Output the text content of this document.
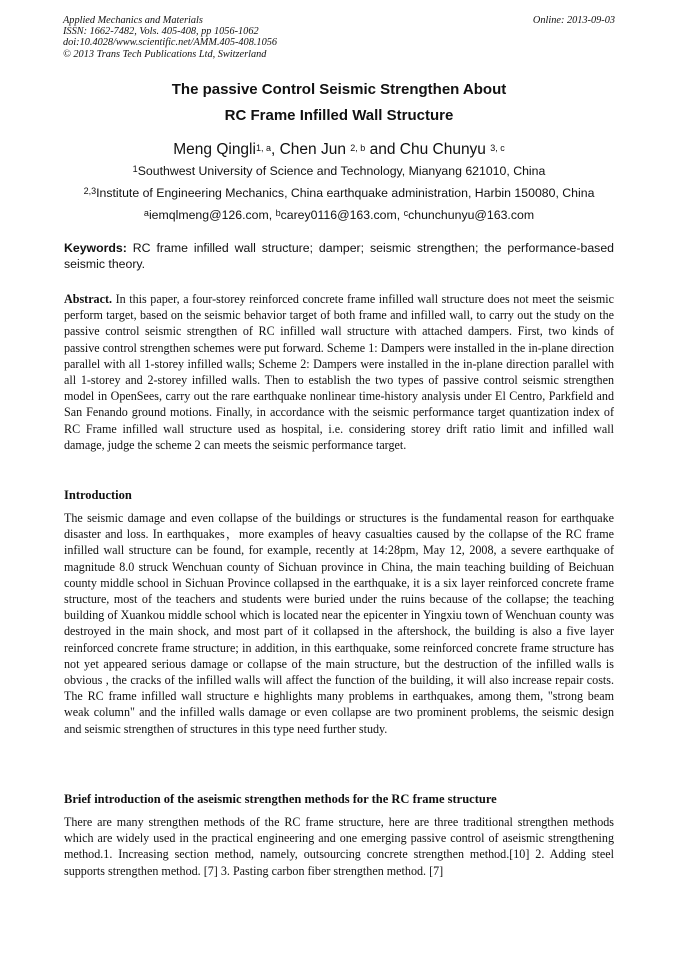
Applied Mechanics and Materials
ISSN: 1662-7482, Vols. 405-408, pp 1056-1062
doi:10.4028/www.scientific.net/AMM.405-408.1056
© 2013 Trans Tech Publications Ltd, Switzerland
Online: 2013-09-03
The passive Control Seismic Strengthen About
RC Frame Infilled Wall Structure
Meng Qingli$^{1, a}$, Chen Jun $^{2, b}$ and Chu Chunyu $^{3, c}$
$^1$Southwest University of Science and Technology, Mianyang 621010, China
$^{2,3}$Institute of Engineering Mechanics, China earthquake administration, Harbin 150080, China
$^a$iemqlmeng@126.com, $^b$carey0116@163.com, $^c$chunchunyu@163.com
Keywords: RC frame infilled wall structure; damper; seismic strengthen; the performance-based seismic theory.
Abstract. In this paper, a four-storey reinforced concrete frame infilled wall structure does not meet the seismic perform target, based on the seismic behavior target of both frame and infilled wall, to carry out the study on the passive control seismic strengthen of RC infilled wall structure with attached dampers. First, two kinds of passive control strengthen schemes were put forward. Scheme 1: Dampers were installed in the in-plane direction parallel with all 1-storey infilled walls; Scheme 2: Dampers were installed in the in-plane direction parallel with all 1-storey and 2-storey infilled walls. Then to establish the two types of passive control seismic strengthen model in OpenSees, carry out the rare earthquake nonlinear time-history analysis under El Centro, Parkfield and San Fenando ground motions. Finally, in accordance with the seismic performance target quantization index of RC Frame infilled wall structure used as hospital, i.e. considering storey drift ratio limit and infilled wall damage, judge the scheme 2 can meets the seismic performance target.
Introduction
The seismic damage and even collapse of the buildings or structures is the fundamental reason for earthquake disaster and loss. In earthquakes，more examples of heavy casualties caused by the collapse of the RC frame infilled wall structure can be found, for example, recently at 14:28pm, May 12, 2008, a severe earthquake of magnitude 8.0 struck Wenchuan county of Sichuan province in China, the main teaching building of Beichuan county middle school in Sichuan Province collapsed in the earthquake, it is a six layer reinforced concrete frame structure, most of the teachers and students were buried under the ruins because of the collapse; the teaching building of Xuankou middle school which is located near the epicenter in Yingxiu town of Wenchuan county was destroyed in the main shock, and most part of it collapsed in the aftershock, the building is also a five layer reinforced concrete frame structure; in addition, in this earthquake, some reinforced concrete frame structure has not yet appeared serious damage or collapse of the main structure, but the destruction of the infilled walls is obvious , the cracks of the infilled walls will affect the function of the building, it will also increase repair costs. The RC frame infilled wall structure e highlights many problems in earthquakes, among them, "strong beam weak column" and the infilled walls damage or even collapse are two prominent problems, the seismic design and seismic strengthen of structures in this type need further study.
Brief introduction of the aseismic strengthen methods for the RC frame structure
There are many strengthen methods of the RC frame structure, here are three traditional strengthen methods which are widely used in the practical engineering and one emerging passive control of aseismic strengthening method.1. Increasing section method, namely, outsourcing concrete strengthen method.[10] 2. Adding steel supports strengthen method. [7] 3. Pasting carbon fiber strengthen method. [7]
